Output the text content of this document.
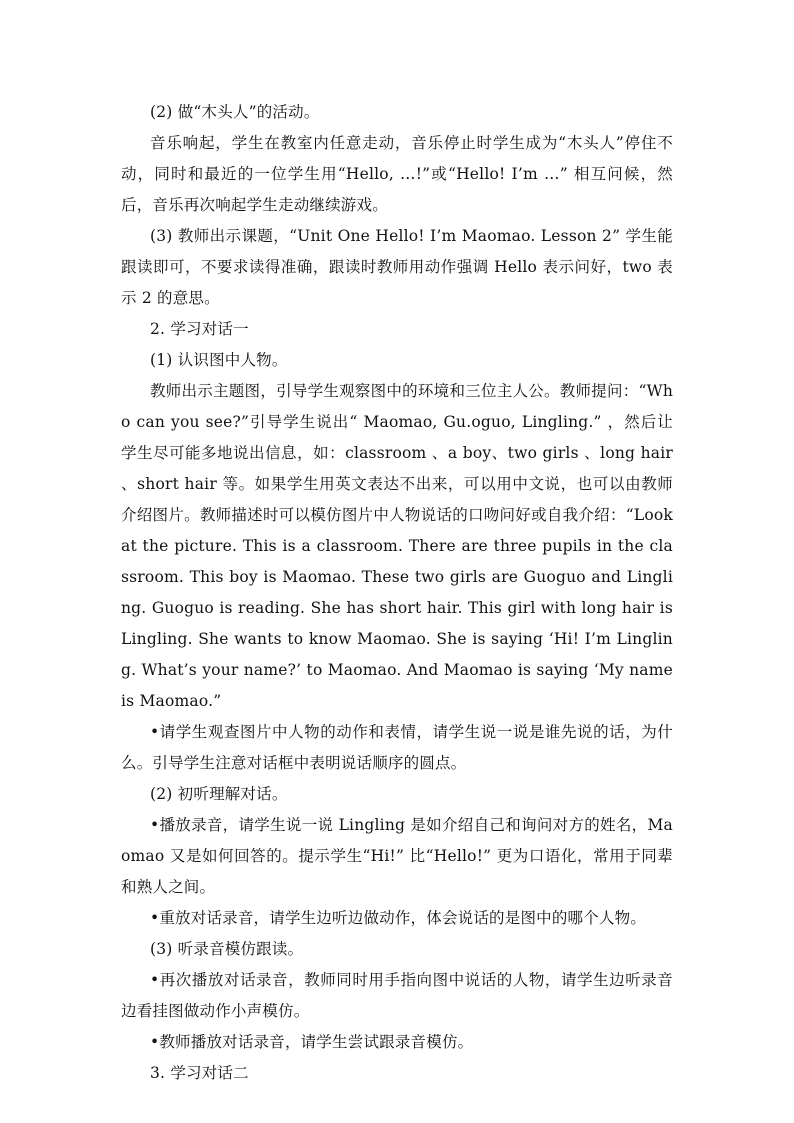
(2) 做“木头人”的活动。

音乐响起，学生在教室内任意走动，音乐停止时学生成为“木头人”停住不动，同时和最近的一位学生用“Hello, …!”或“Hello! I’m …” 相互问候，然后，音乐再次响起学生走动继续游戏。

(3) 教师出示课题，“Unit One Hello! I’m Maomao. Lesson 2” 学生能跟读即可，不要求读得准确，跟读时教师用动作强调 Hello 表示问好，two 表示 2 的意思。

2. 学习对话一

(1) 认识图中人物。

教师出示主题图，引导学生观察图中的环境和三位主人公。教师提问：“Who can you see?”引导学生说出“ Maomao, Gu.oguo, Lingling.” ，然后让学生尽可能多地说出信息，如：classroom 、a boy、two girls 、long hair 、short hair 等。如果学生用英文表达不出来，可以用中文说，也可以由教师介绍图片。教师描述时可以模仿图片中人物说话的口吻问好或自我介绍：“Look at the picture. This is a classroom. There are three pupils in the classroom. This boy is Maomao. These two girls are Guoguo and Lingling. Guoguo is reading. She has short hair. This girl with long hair is Lingling. She wants to know Maomao. She is saying ‘Hi! I’m Lingling. What’s your name?’ to Maomao. And Maomao is saying ‘My name is Maomao.”

•请学生观查图片中人物的动作和表情，请学生说一说是谁先说的话，为什么。引导学生注意对话框中表明说话顺序的圆点。

(2) 初听理解对话。

•播放录音，请学生说一说 Lingling 是如介绍自己和询问对方的姓名，Maomao 又是如何回答的。提示学生“Hi!” 比“Hello!” 更为口语化，常用于同辈和熟人之间。

•重放对话录音，请学生边听边做动作，体会说话的是图中的哪个人物。

(3) 听录音模仿跟读。

•再次播放对话录音，教师同时用手指向图中说话的人物，请学生边听录音边看挂图做动作小声模仿。

•教师播放对话录音，请学生尝试跟录音模仿。

3. 学习对话二
